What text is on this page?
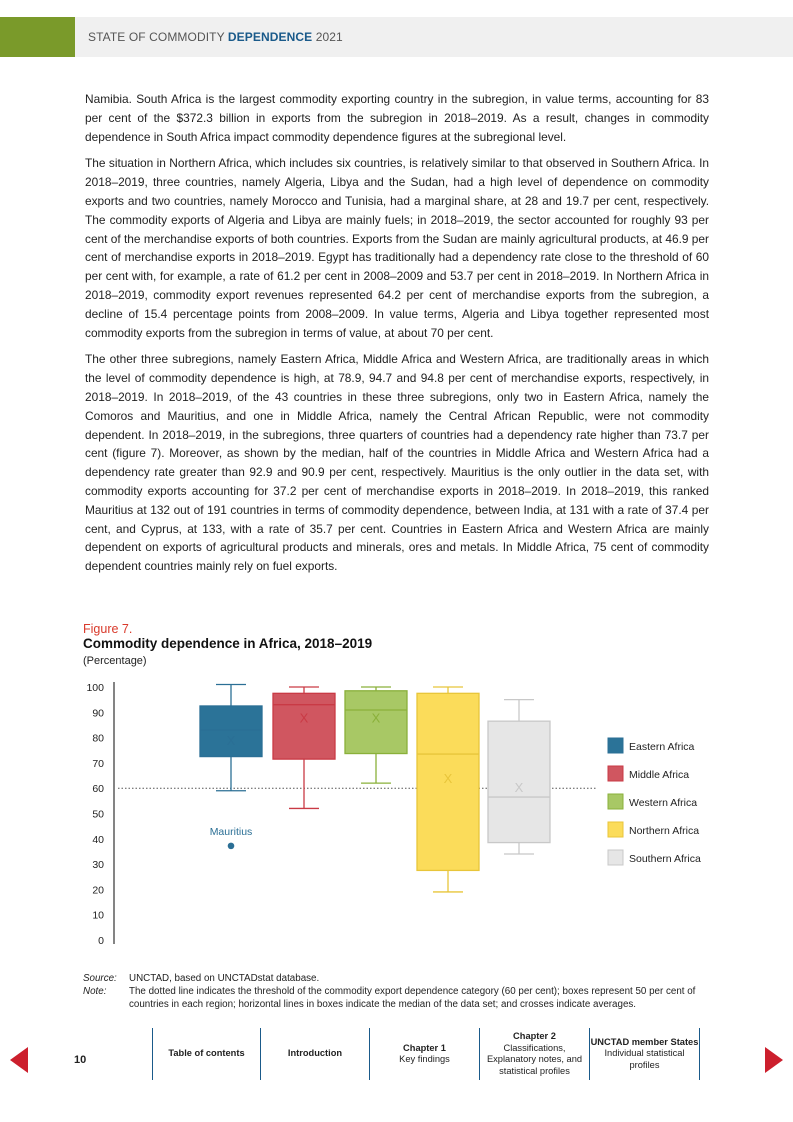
STATE OF COMMODITY DEPENDENCE 2021

Namibia. South Africa is the largest commodity exporting country in the subregion, in value terms, accounting for 83 per cent of the $372.3 billion in exports from the subregion in 2018–2019. As a result, changes in commodity dependence in South Africa impact commodity dependence figures at the subregional level.

The situation in Northern Africa, which includes six countries, is relatively similar to that observed in Southern Africa. In 2018–2019, three countries, namely Algeria, Libya and the Sudan, had a high level of dependence on commodity exports and two countries, namely Morocco and Tunisia, had a marginal share, at 28 and 19.7 per cent, respectively. The commodity exports of Algeria and Libya are mainly fuels; in 2018–2019, the sector accounted for roughly 93 per cent of the merchandise exports of both countries. Exports from the Sudan are mainly agricultural products, at 46.9 per cent of merchandise exports in 2018–2019. Egypt has traditionally had a dependency rate close to the threshold of 60 per cent with, for example, a rate of 61.2 per cent in 2008–2009 and 53.7 per cent in 2018–2019. In Northern Africa in 2018–2019, commodity export revenues represented 64.2 per cent of merchandise exports from the subregion, a decline of 15.4 percentage points from 2008–2009. In value terms, Algeria and Libya together represented most commodity exports from the subregion in terms of value, at about 70 per cent.

The other three subregions, namely Eastern Africa, Middle Africa and Western Africa, are traditionally areas in which the level of commodity dependence is high, at 78.9, 94.7 and 94.8 per cent of merchandise exports, respectively, in 2018–2019. In 2018–2019, of the 43 countries in these three subregions, only two in Eastern Africa, namely the Comoros and Mauritius, and one in Middle Africa, namely the Central African Republic, were not commodity dependent. In 2018–2019, in the subregions, three quarters of countries had a dependency rate higher than 73.7 per cent (figure 7). Moreover, as shown by the median, half of the countries in Middle Africa and Western Africa had a dependency rate greater than 92.9 and 90.9 per cent, respectively. Mauritius is the only outlier in the data set, with commodity exports accounting for 37.2 per cent of merchandise exports in 2018–2019. In 2018–2019, this ranked Mauritius at 132 out of 191 countries in terms of commodity dependence, between India, at 131 with a rate of 37.4 per cent, and Cyprus, at 133, with a rate of 35.7 per cent. Countries in Eastern Africa and Western Africa are mainly dependent on exports of agricultural products and minerals, ores and metals. In Middle Africa, 75 cent of commodity dependent countries mainly rely on fuel exports.

Figure 7.
Commodity dependence in Africa, 2018–2019
(Percentage)
0
10
20
30
40
50
60
70
80
90
100
X
X	X
X
X
Mauritius
Eastern Africa
Middle Africa
Western Africa
Northern Africa
Southern Africa
Source:	UNCTAD, based on UNCTADstat database.
Note:	The dotted line indicates the threshold of the commodity export dependence category (60 per cent); boxes represent 50 per cent of countries in each region; horizontal lines in boxes indicate the median of the data set; and crosses indicate averages.
10
Table of contents	Introduction
Chapter 1
Key findings
Chapter 2
Classifications, Explanatory notes, and statistical profiles
UNCTAD member States
Individual statistical profiles
